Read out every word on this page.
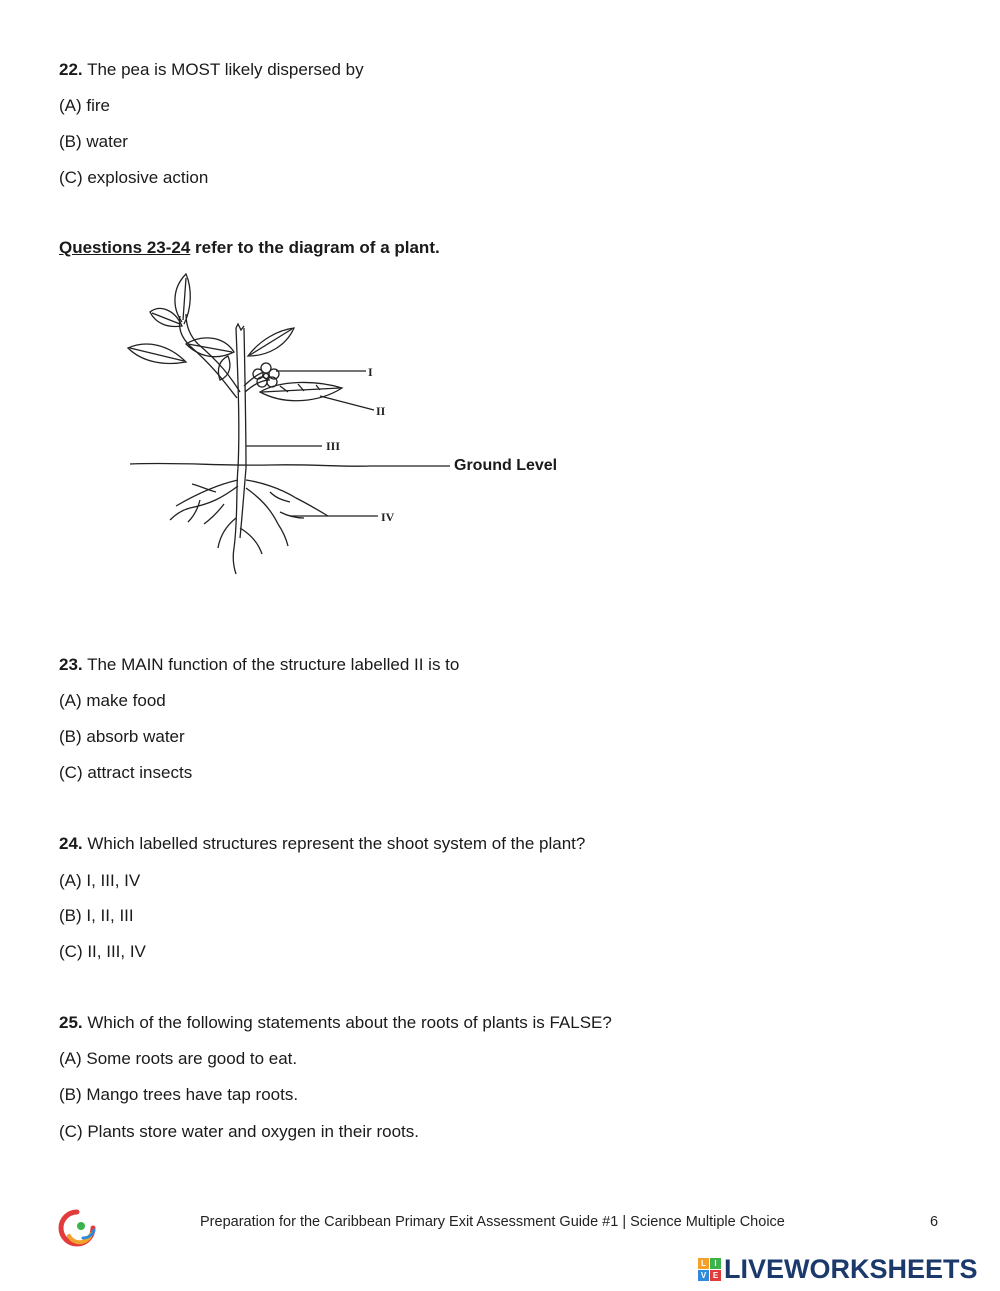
22. The pea is MOST likely dispersed by
(A) fire
(B) water
(C) explosive action
Questions 23-24 refer to the diagram of a plant.
I
II
III
IV
Ground Level
23. The MAIN function of the structure labelled II is to
(A) make food
(B) absorb water
(C) attract insects
24. Which labelled structures represent the shoot system of the plant?
(A) I, III, IV
(B) I, II, III
(C) II, III, IV
25. Which of the following statements about the roots of plants is FALSE?
(A) Some roots are good to eat.
(B) Mango trees have tap roots.
(C) Plants store water and oxygen in their roots.
Preparation for the Caribbean Primary Exit Assessment Guide #1 | Science Multiple Choice	6
L	I
V E LIVEWORKSHEETS
